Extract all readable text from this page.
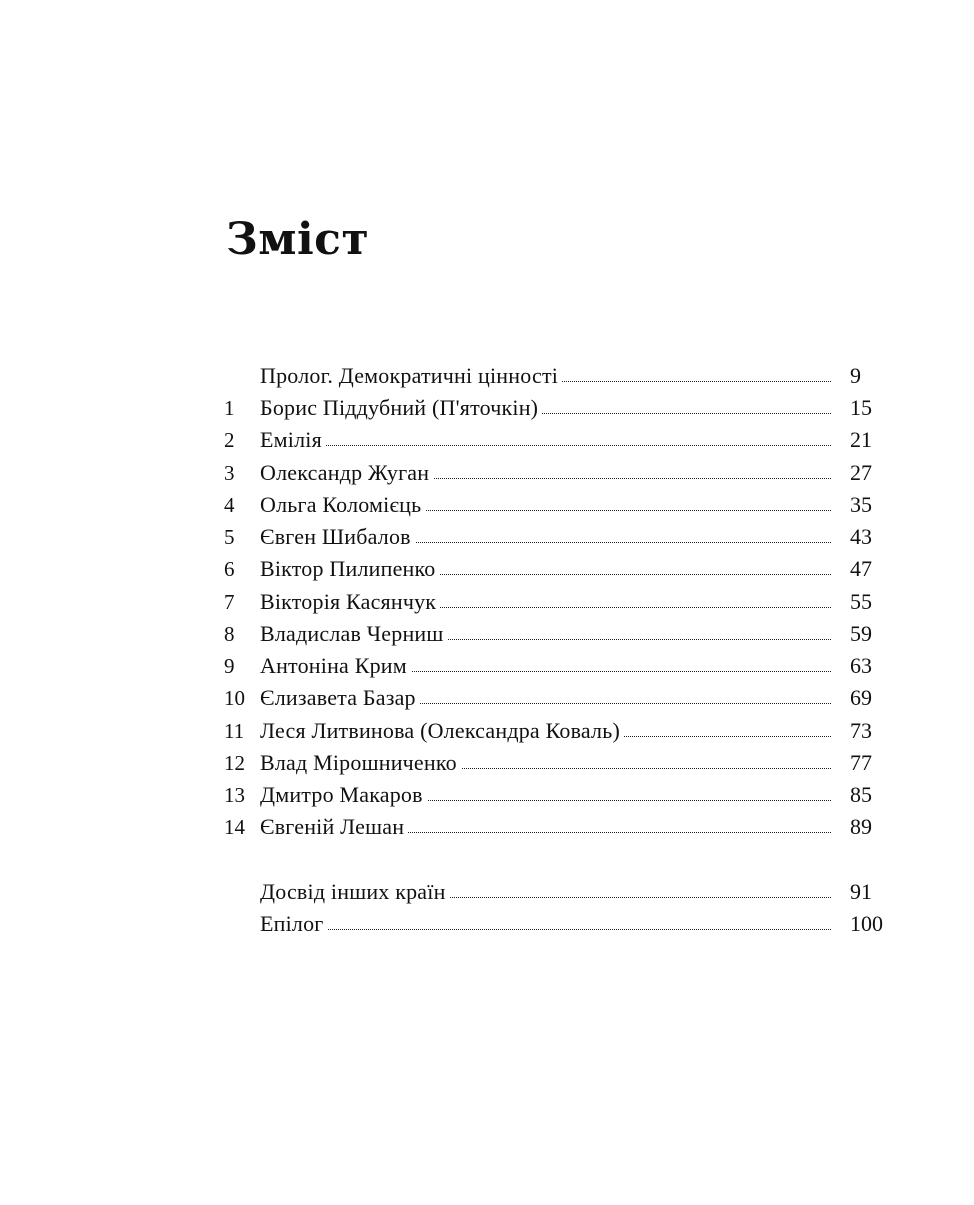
Зміст
Пролог. Демократичні цінності	9
1 Борис Піддубний (П'яточкін)	15
2 Емілія	21
3 Олександр Жуган	27
4 Ольга Коломієць	35
5 Євген Шибалов	43
6 Віктор Пилипенко	47
7 Вікторія Касянчук	55
8 Владислав Черниш	59
9 Антоніна Крим	63
10 Єлизавета Базар	69
11 Леся Литвинова (Олександра Коваль)	73
12 Влад Мірошниченко	77
13 Дмитро Макаров	85
14 Євгеній Лешан	89
Досвід інших країн	91
Епілог	100
